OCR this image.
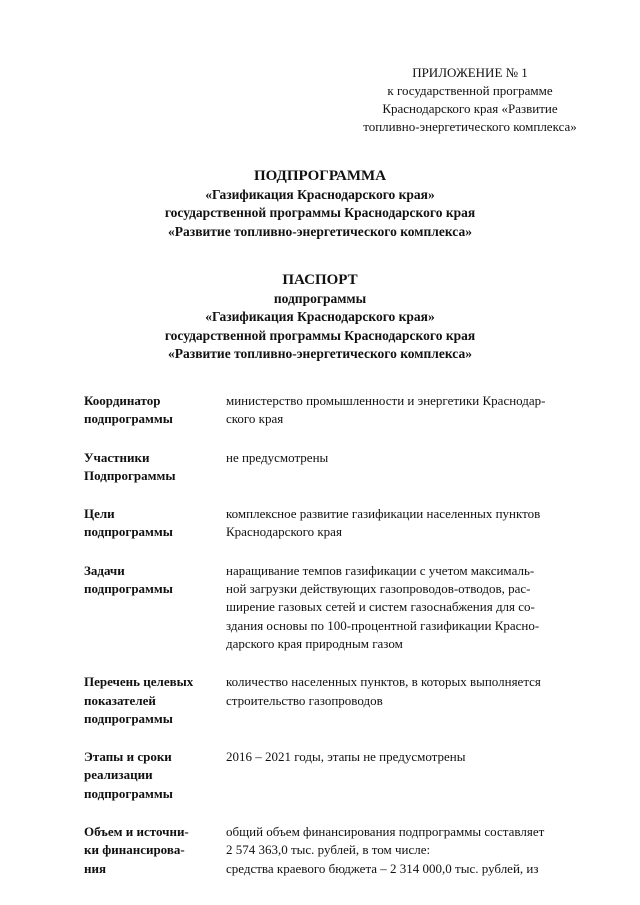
ПРИЛОЖЕНИЕ № 1
к государственной программе
Краснодарского края «Развитие
топливно-энергетического комплекса»
ПОДПРОГРАММА
«Газификация Краснодарского края»
государственной программы Краснодарского края
«Развитие топливно-энергетического комплекса»
ПАСПОРТ
подпрограммы
«Газификация Краснодарского края»
государственной программы Краснодарского края
«Развитие топливно-энергетического комплекса»
Координатор
подпрограммы
министерство промышленности и энергетики Краснодар-
ского края
Участники
Подпрограммы
не предусмотрены
Цели
подпрограммы
комплексное развитие газификации населенных пунктов
Краснодарского края
Задачи
подпрограммы
наращивание темпов газификации с учетом максималь-
ной загрузки действующих газопроводов-отводов, рас-
ширение газовых сетей и систем газоснабжения для со-
здания основы по 100-процентной газификации Красно-
дарского края природным газом
Перечень целевых
показателей
подпрограммы
количество населенных пунктов, в которых выполняется
строительство газопроводов
Этапы и сроки
реализации
подпрограммы
2016 – 2021 годы, этапы не предусмотрены
Объем и источни-
ки финансирова-
ния
общий объем финансирования подпрограммы составляет
2 574 363,0 тыс. рублей, в том числе:
средства краевого бюджета – 2 314 000,0 тыс. рублей, из
